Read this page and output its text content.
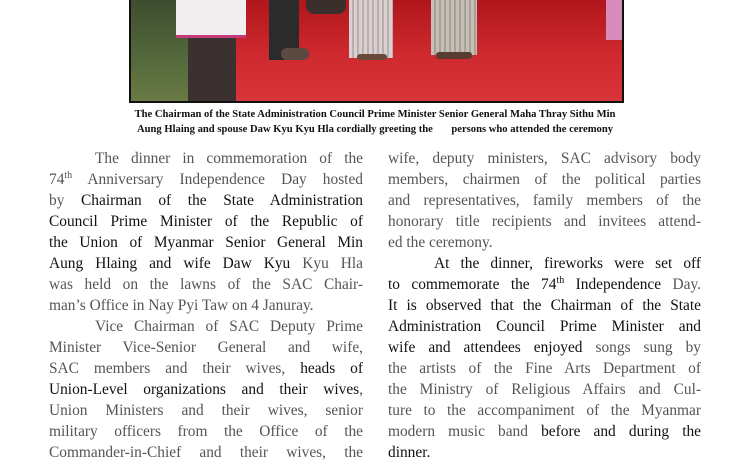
The Chairman of the State Administration Council Prime Minister Senior General Maha Thray Sithu Min
Aung Hlaing and spouse Daw Kyu Kyu Hla cordially greeting the       persons who attended the ceremony

The dinner in commemoration of the
74th Anniversary Independence Day hosted
by Chairman of the State Administration
Council Prime Minister of the Republic of
the Union of Myanmar Senior General Min
Aung Hlaing and wife Daw Kyu Kyu Hla
was held on the lawns of the SAC Chair-
man’s Office in Nay Pyi Taw on 4 Januray.

Vice Chairman of SAC Deputy Prime
Minister Vice-Senior General and wife,
SAC members and their wives, heads of
Union-Level organizations and their wives,
Union Ministers and their wives, senior
military officers from the Office of the
Commander-in-Chief and their wives, the

wife, deputy ministers, SAC advisory body
members, chairmen of the political parties
and representatives, family members of the
honorary title recipients and invitees attend-
ed the ceremony.

At the dinner, fireworks were set off
to commemorate the 74th Independence Day.
It is observed that the Chairman of the State
Administration Council Prime Minister and
wife and attendees enjoyed songs sung by
the artists of the Fine Arts Department of
the Ministry of Religious Affairs and Cul-
ture to the accompaniment of the Myanmar
modern music band before and during the
dinner.
